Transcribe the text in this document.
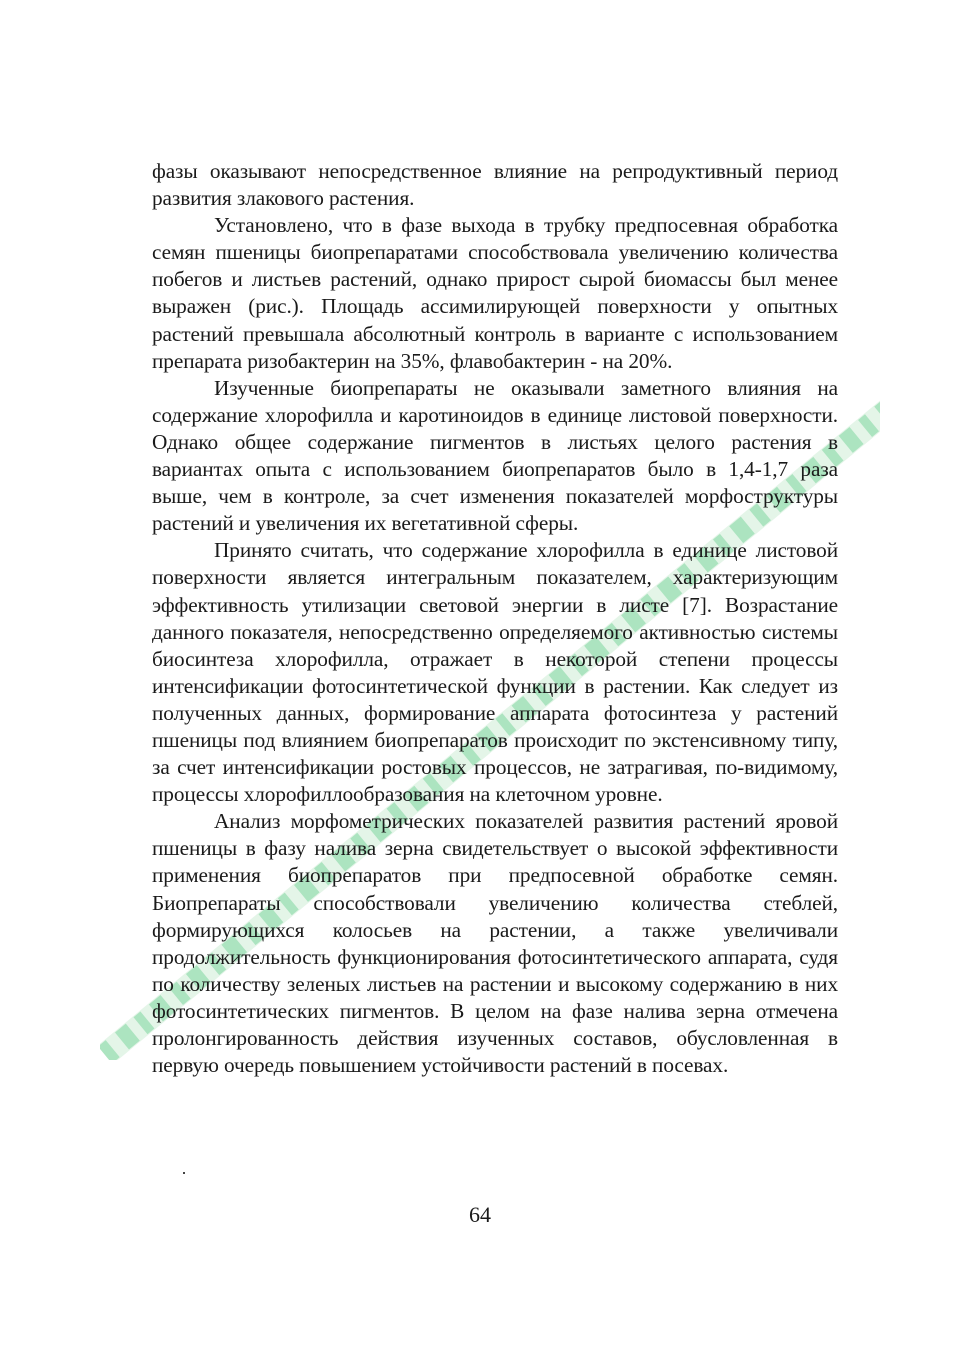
фазы оказывают непосредственное влияние на репродуктивный период развития злакового растения.

Установлено, что в фазе выхода в трубку предпосевная обработка семян пшеницы биопрепаратами способствовала увеличению количества побегов и листьев растений, однако прирост сырой биомассы был менее выражен (рис.). Площадь ассимилирующей поверхности у опытных растений превышала абсолютный контроль в варианте с использованием препарата ризобактерин на 35%, флавобактерин - на 20%.

Изученные биопрепараты не оказывали заметного влияния на содержание хлорофилла и каротиноидов в единице листовой поверхности. Однако общее содержание пигментов в листьях целого растения в вариантах опыта с использованием биопрепаратов было в 1,4-1,7 раза выше, чем в контроле, за счет изменения показателей морфоструктуры растений и увеличения их вегетативной сферы.

Принято считать, что содержание хлорофилла в единице листовой поверхности является интегральным показателем, характеризующим эффективность утилизации световой энергии в листе [7]. Возрастание данного показателя, непосредственно определяемого активностью системы биосинтеза хлорофилла, отражает в некоторой степени процессы интенсификации фотосинтетической функции в растении. Как следует из полученных данных, формирование аппарата фотосинтеза у растений пшеницы под влиянием биопрепаратов происходит по экстенсивному типу, за счет интенсификации ростовых процессов, не затрагивая, по-видимому, процессы хлорофиллообразования на клеточном уровне.

Анализ морфометрических показателей развития растений яровой пшеницы в фазу налива зерна свидетельствует о высокой эффективности применения биопрепаратов при предпосевной обработке семян. Биопрепараты способствовали увеличению количества стеблей, формирующихся колосьев на растении, а также увеличивали продолжительность функционирования фотосинтетического аппарата, судя по количеству зеленых листьев на растении и высокому содержанию в них фотосинтетических пигментов. В целом на фазе налива зерна отмечена пролонгированность действия изученных составов, обусловленная в первую очередь повышением устойчивости растений в посевах.

64
